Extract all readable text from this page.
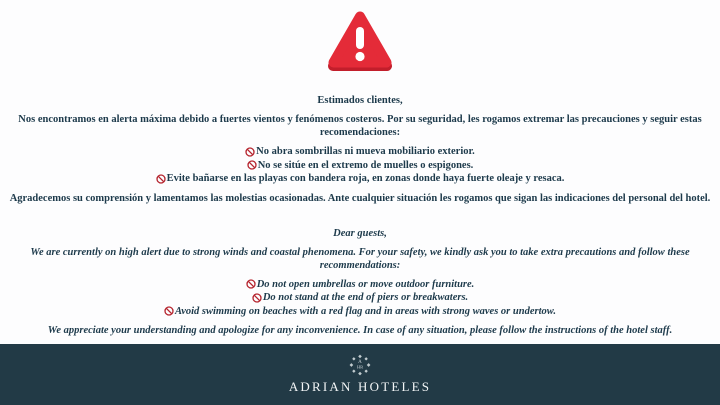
Estimados clientes,
Nos encontramos en alerta máxima debido a fuertes vientos y fenómenos costeros. Por su seguridad, les rogamos extremar las precauciones y seguir estas recomendaciones:
No abra sombrillas ni mueva mobiliario exterior.
No se sitúe en el extremo de muelles o espigones.
Evite bañarse en las playas con bandera roja, en zonas donde haya fuerte oleaje y resaca.
Agradecemos su comprensión y lamentamos las molestias ocasionadas. Ante cualquier situación les rogamos que sigan las indicaciones del personal del hotel.
Dear guests,
We are currently on high alert due to strong winds and coastal phenomena. For your safety, we kindly ask you to take extra precautions and follow these recommendations:
Do not open umbrellas or move outdoor furniture.
Do not stand at the end of piers or breakwaters.
Avoid swimming on beaches with a red flag and in areas with strong waves or undertow.
We appreciate your understanding and apologize for any inconvenience. In case of any situation, please follow the instructions of the hotel staff.
A
HR
ADRIAN HOTELES
